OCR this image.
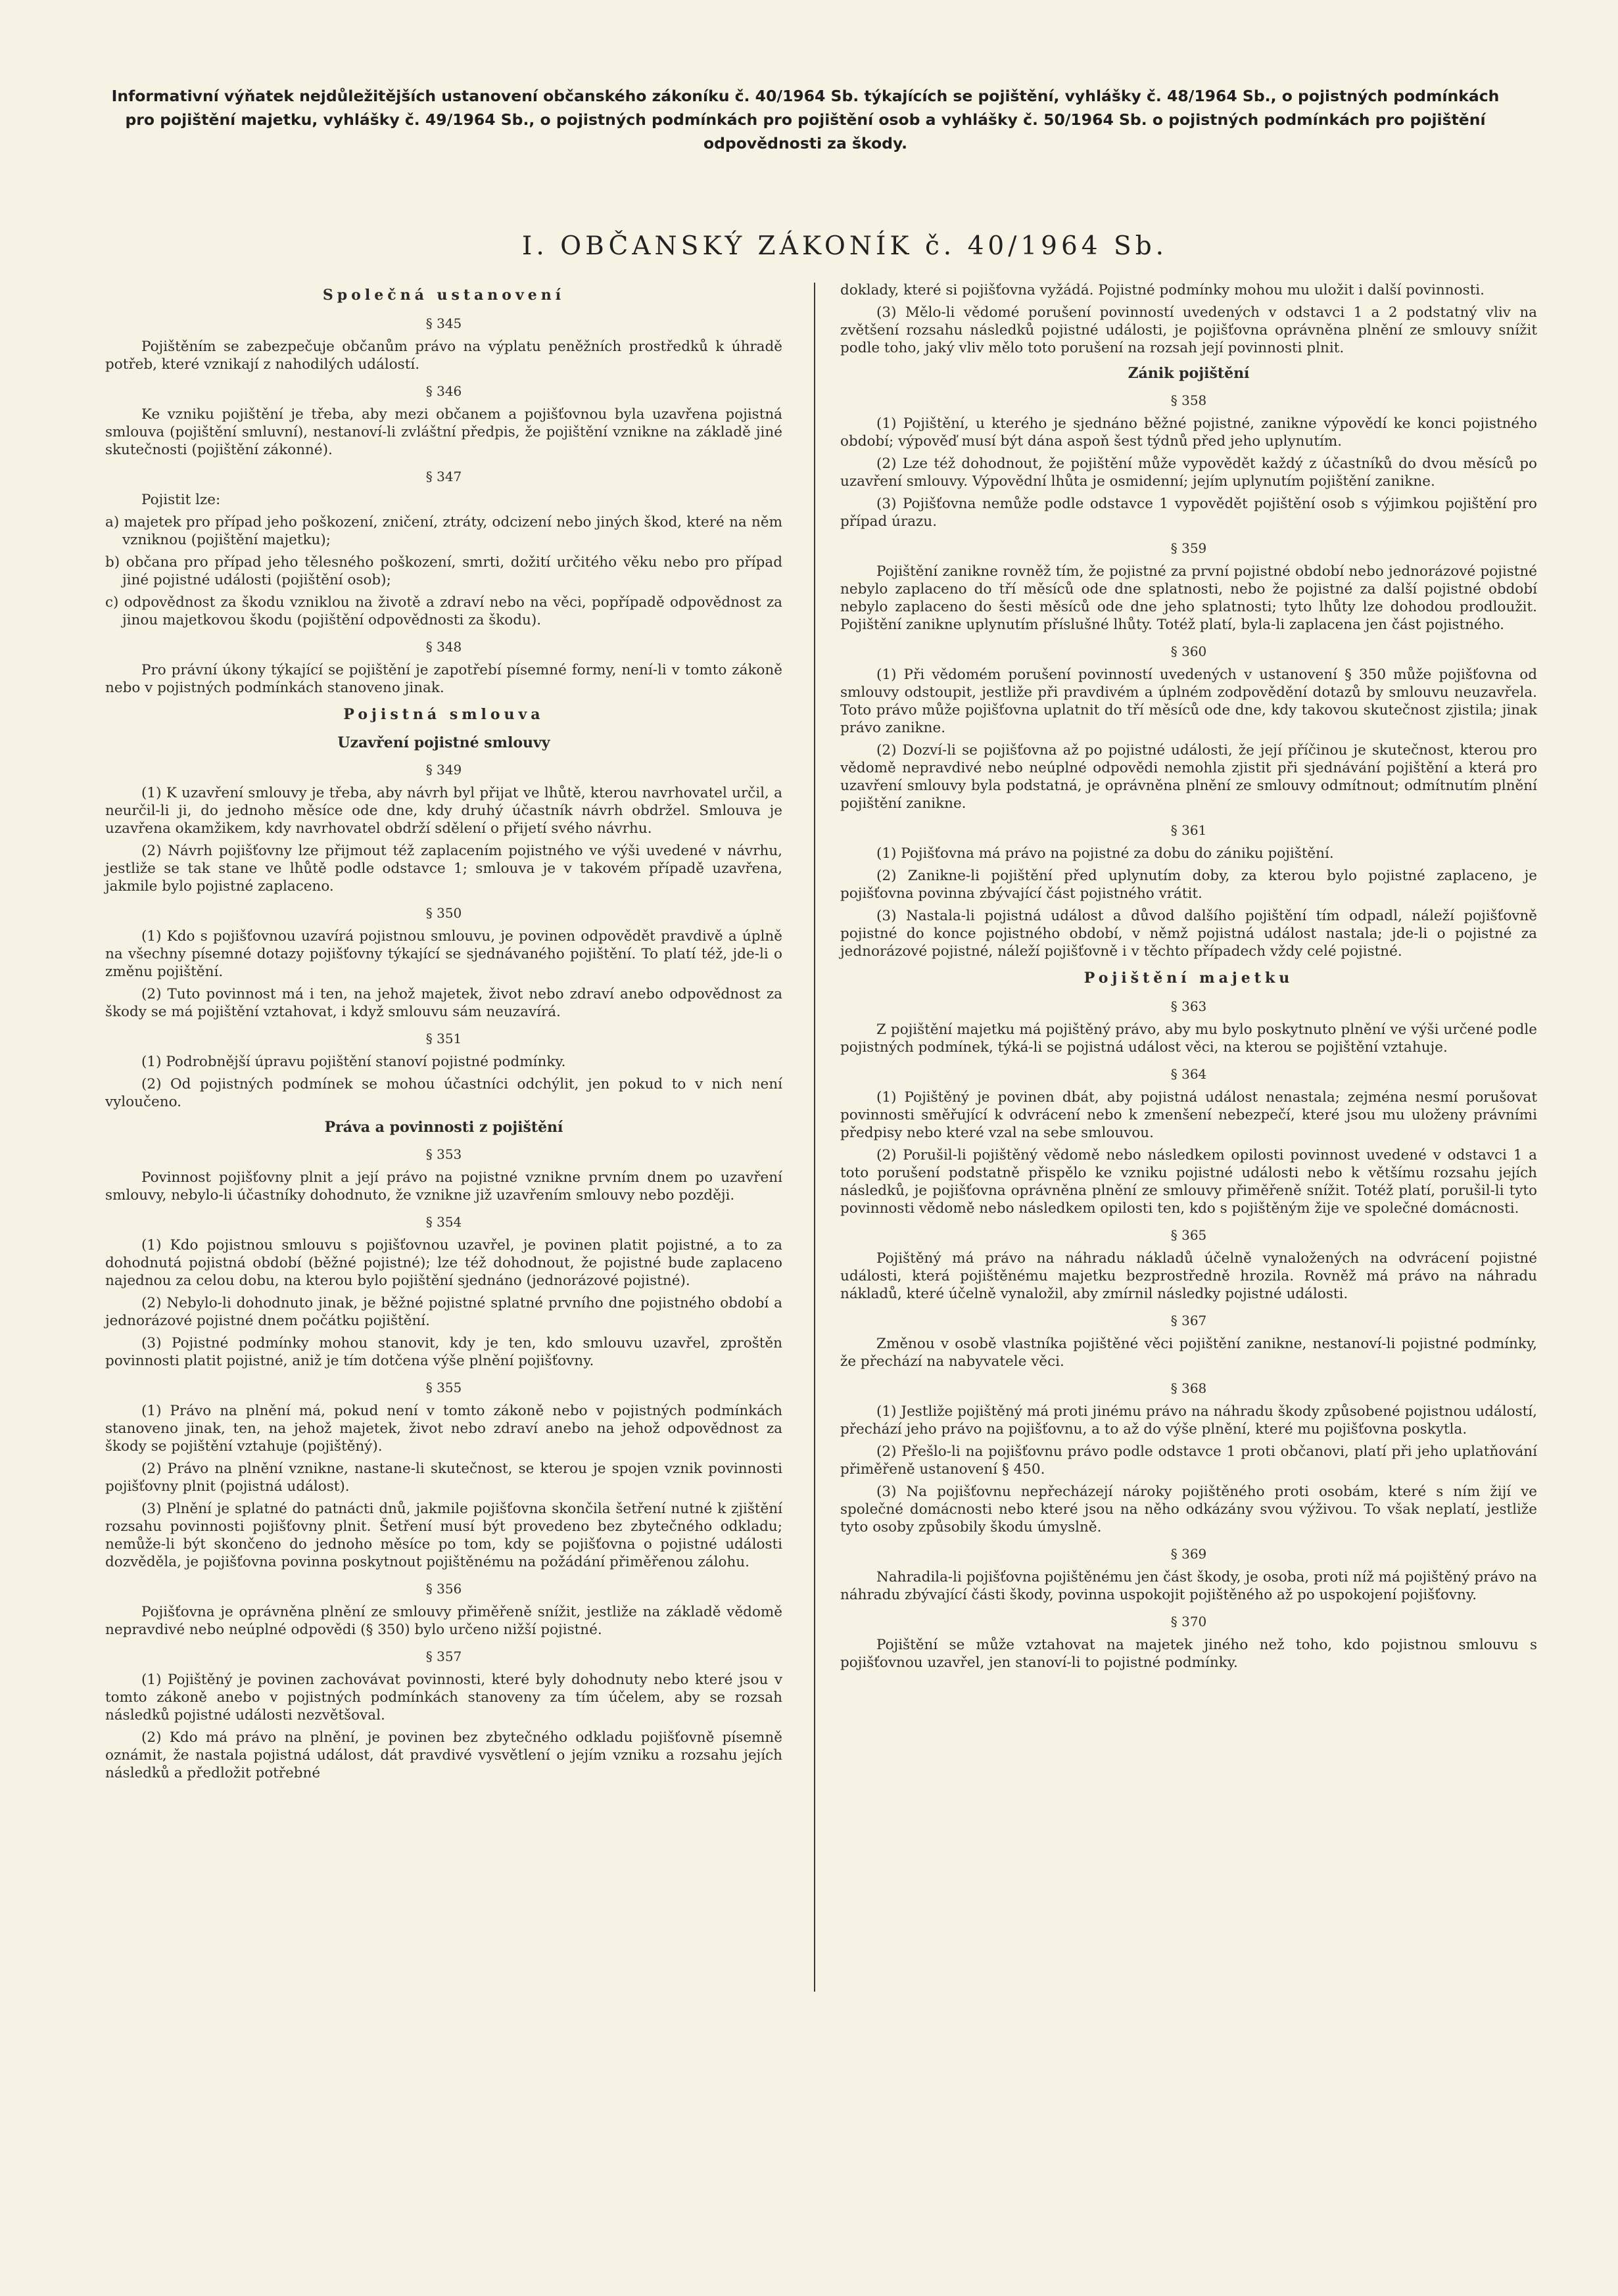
Informativní výňatek nejdůležitějších ustanovení občanského zákoníku č. 40/1964 Sb. týkajících se pojištění, vyhlášky č. 48/1964 Sb., o pojistných podmínkách pro pojištění majetku, vyhlášky č. 49/1964 Sb., o pojistných podmínkách pro pojištění osob a vyhlášky č. 50/1964 Sb. o pojistných podmínkách pro pojištění odpovědnosti za škody.
I. OBČANSKÝ ZÁKONÍK č. 40/1964 Sb.
Společná ustanovení
§ 345
Pojištěním se zabezpečuje občanům právo na výplatu peněžních prostředků k úhradě potřeb, které vznikají z nahodilých událostí.
§ 346
Ke vzniku pojištění je třeba, aby mezi občanem a pojišťovnou byla uzavřena pojistná smlouva (pojištění smluvní), nestanoví-li zvláštní předpis, že pojištění vznikne na základě jiné skutečnosti (pojištění zákonné).
§ 347
Pojistit lze:
a) majetek pro případ jeho poškození, zničení, ztráty, odcizení nebo jiných škod, které na něm vzniknou (pojištění majetku);
b) občana pro případ jeho tělesného poškození, smrti, dožití určitého věku nebo pro případ jiné pojistné události (pojištění osob);
c) odpovědnost za škodu vzniklou na životě a zdraví nebo na věci, popřípadě odpovědnost za jinou majetkovou škodu (pojištění odpovědnosti za škodu).
§ 348
Pro právní úkony týkající se pojištění je zapotřebí písemné formy, není-li v tomto zákoně nebo v pojistných podmínkách stanoveno jinak.
Pojistná smlouva
Uzavření pojistné smlouvy
§ 349
(1) K uzavření smlouvy je třeba, aby návrh byl přijat ve lhůtě, kterou navrhovatel určil, a neurčil-li ji, do jednoho měsíce ode dne, kdy druhý účastník návrh obdržel. Smlouva je uzavřena okamžikem, kdy navrhovatel obdrží sdělení o přijetí svého návrhu.
(2) Návrh pojišťovny lze přijmout též zaplacením pojistného ve výši uvedené v návrhu, jestliže se tak stane ve lhůtě podle odstavce 1; smlouva je v takovém případě uzavřena, jakmile bylo pojistné zaplaceno.
§ 350
(1) Kdo s pojišťovnou uzavírá pojistnou smlouvu, je povinen odpovědět pravdivě a úplně na všechny písemné dotazy pojišťovny týkající se sjednávaného pojištění. To platí též, jde-li o změnu pojištění.
(2) Tuto povinnost má i ten, na jehož majetek, život nebo zdraví anebo odpovědnost za škody se má pojištění vztahovat, i když smlouvu sám neuzavírá.
§ 351
(1) Podrobnější úpravu pojištění stanoví pojistné podmínky.
(2) Od pojistných podmínek se mohou účastníci odchýlit, jen pokud to v nich není vyloučeno.
Práva a povinnosti z pojištění
§ 353
Povinnost pojišťovny plnit a její právo na pojistné vznikne prvním dnem po uzavření smlouvy, nebylo-li účastníky dohodnuto, že vznikne již uzavřením smlouvy nebo později.
§ 354
(1) Kdo pojistnou smlouvu s pojišťovnou uzavřel, je povinen platit pojistné, a to za dohodnutá pojistná období (běžné pojistné); lze též dohodnout, že pojistné bude zaplaceno najednou za celou dobu, na kterou bylo pojištění sjednáno (jednorázové pojistné).
(2) Nebylo-li dohodnuto jinak, je běžné pojistné splatné prvního dne pojistného období a jednorázové pojistné dnem počátku pojištění.
(3) Pojistné podmínky mohou stanovit, kdy je ten, kdo smlouvu uzavřel, zproštěn povinnosti platit pojistné, aniž je tím dotčena výše plnění pojišťovny.
§ 355
(1) Právo na plnění má, pokud není v tomto zákoně nebo v pojistných podmínkách stanoveno jinak, ten, na jehož majetek, život nebo zdraví anebo na jehož odpovědnost za škody se pojištění vztahuje (pojištěný).
(2) Právo na plnění vznikne, nastane-li skutečnost, se kterou je spojen vznik povinnosti pojišťovny plnit (pojistná událost).
(3) Plnění je splatné do patnácti dnů, jakmile pojišťovna skončila šetření nutné k zjištění rozsahu povinnosti pojišťovny plnit. Šetření musí být provedeno bez zbytečného odkladu; nemůže-li být skončeno do jednoho měsíce po tom, kdy se pojišťovna o pojistné události dozvěděla, je pojišťovna povinna poskytnout pojištěnému na požádání přiměřenou zálohu.
§ 356
Pojišťovna je oprávněna plnění ze smlouvy přiměřeně snížit, jestliže na základě vědomě nepravdivé nebo neúplné odpovědi (§ 350) bylo určeno nižší pojistné.
§ 357
(1) Pojištěný je povinen zachovávat povinnosti, které byly dohodnuty nebo které jsou v tomto zákoně anebo v pojistných podmínkách stanoveny za tím účelem, aby se rozsah následků pojistné události nezvětšoval.
(2) Kdo má právo na plnění, je povinen bez zbytečného odkladu pojišťovně písemně oznámit, že nastala pojistná událost, dát pravdivé vysvětlení o jejím vzniku a rozsahu jejích následků a předložit potřebné
doklady, které si pojišťovna vyžádá. Pojistné podmínky mohou mu uložit i další povinnosti.
(3) Mělo-li vědomé porušení povinností uvedených v odstavci 1 a 2 podstatný vliv na zvětšení rozsahu následků pojistné události, je pojišťovna oprávněna plnění ze smlouvy snížit podle toho, jaký vliv mělo toto porušení na rozsah její povinnosti plnit.
Zánik pojištění
§ 358
(1) Pojištění, u kterého je sjednáno běžné pojistné, zanikne výpovědí ke konci pojistného období; výpověď musí být dána aspoň šest týdnů před jeho uplynutím.
(2) Lze též dohodnout, že pojištění může vypovědět každý z účastníků do dvou měsíců po uzavření smlouvy. Výpovědní lhůta je osmidenní; jejím uplynutím pojištění zanikne.
(3) Pojišťovna nemůže podle odstavce 1 vypovědět pojištění osob s výjimkou pojištění pro případ úrazu.
§ 359
Pojištění zanikne rovněž tím, že pojistné za první pojistné období nebo jednorázové pojistné nebylo zaplaceno do tří měsíců ode dne splatnosti, nebo že pojistné za další pojistné období nebylo zaplaceno do šesti měsíců ode dne jeho splatnosti; tyto lhůty lze dohodou prodloužit. Pojištění zanikne uplynutím příslušné lhůty. Totéž platí, byla-li zaplacena jen část pojistného.
§ 360
(1) Při vědomém porušení povinností uvedených v ustanovení § 350 může pojišťovna od smlouvy odstoupit, jestliže při pravdivém a úplném zodpovědění dotazů by smlouvu neuzavřela. Toto právo může pojišťovna uplatnit do tří měsíců ode dne, kdy takovou skutečnost zjistila; jinak právo zanikne.
(2) Dozví-li se pojišťovna až po pojistné události, že její příčinou je skutečnost, kterou pro vědomě nepravdivé nebo neúplné odpovědi nemohla zjistit při sjednávání pojištění a která pro uzavření smlouvy byla podstatná, je oprávněna plnění ze smlouvy odmítnout; odmítnutím plnění pojištění zanikne.
§ 361
(1) Pojišťovna má právo na pojistné za dobu do zániku pojištění.
(2) Zanikne-li pojištění před uplynutím doby, za kterou bylo pojistné zaplaceno, je pojišťovna povinna zbývající část pojistného vrátit.
(3) Nastala-li pojistná událost a důvod dalšího pojištění tím odpadl, náleží pojišťovně pojistné do konce pojistného období, v němž pojistná událost nastala; jde-li o pojistné za jednorázové pojistné, náleží pojišťovně i v těchto případech vždy celé pojistné.
Pojištění majetku
§ 363
Z pojištění majetku má pojištěný právo, aby mu bylo poskytnuto plnění ve výši určené podle pojistných podmínek, týká-li se pojistná událost věci, na kterou se pojištění vztahuje.
§ 364
(1) Pojištěný je povinen dbát, aby pojistná událost nenastala; zejména nesmí porušovat povinnosti směřující k odvrácení nebo k zmenšení nebezpečí, které jsou mu uloženy právními předpisy nebo které vzal na sebe smlouvou.
(2) Porušil-li pojištěný vědomě nebo následkem opilosti povinnost uvedené v odstavci 1 a toto porušení podstatně přispělo ke vzniku pojistné události nebo k většímu rozsahu jejích následků, je pojišťovna oprávněna plnění ze smlouvy přiměřeně snížit. Totéž platí, porušil-li tyto povinnosti vědomě nebo následkem opilosti ten, kdo s pojištěným žije ve společné domácnosti.
§ 365
Pojištěný má právo na náhradu nákladů účelně vynaložených na odvrácení pojistné události, která pojištěnému majetku bezprostředně hrozila. Rovněž má právo na náhradu nákladů, které účelně vynaložil, aby zmírnil následky pojistné události.
§ 367
Změnou v osobě vlastníka pojištěné věci pojištění zanikne, nestanoví-li pojistné podmínky, že přechází na nabyvatele věci.
§ 368
(1) Jestliže pojištěný má proti jinému právo na náhradu škody způsobené pojistnou událostí, přechází jeho právo na pojišťovnu, a to až do výše plnění, které mu pojišťovna poskytla.
(2) Přešlo-li na pojišťovnu právo podle odstavce 1 proti občanovi, platí při jeho uplatňování přiměřeně ustanovení § 450.
(3) Na pojišťovnu nepřecházejí nároky pojištěného proti osobám, které s ním žijí ve společné domácnosti nebo které jsou na něho odkázány svou výživou. To však neplatí, jestliže tyto osoby způsobily škodu úmyslně.
§ 369
Nahradila-li pojišťovna pojištěnému jen část škody, je osoba, proti níž má pojištěný právo na náhradu zbývající části škody, povinna uspokojit pojištěného až po uspokojení pojišťovny.
§ 370
Pojištění se může vztahovat na majetek jiného než toho, kdo pojistnou smlouvu s pojišťovnou uzavřel, jen stanoví-li to pojistné podmínky.
